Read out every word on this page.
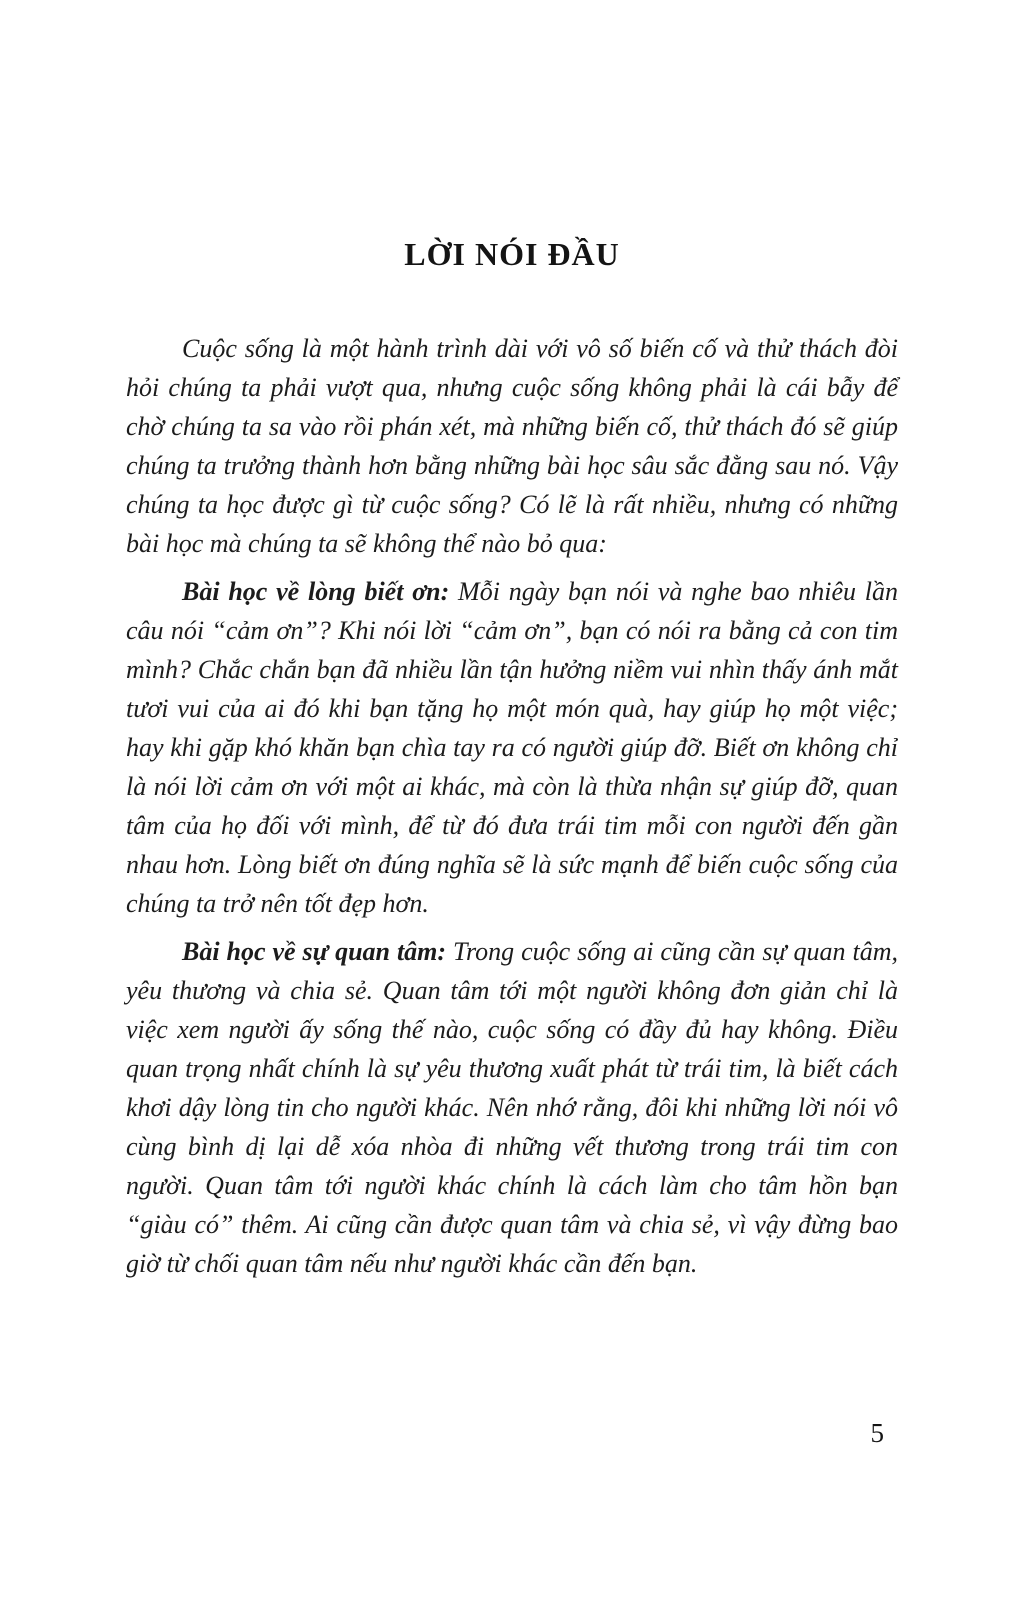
LỜI NÓI ĐẦU

Cuộc sống là một hành trình dài với vô số biến cố và thử thách đòi hỏi chúng ta phải vượt qua, nhưng cuộc sống không phải là cái bẫy để chờ chúng ta sa vào rồi phán xét, mà những biến cố, thử thách đó sẽ giúp chúng ta trưởng thành hơn bằng những bài học sâu sắc đằng sau nó. Vậy chúng ta học được gì từ cuộc sống? Có lẽ là rất nhiều, nhưng có những bài học mà chúng ta sẽ không thể nào bỏ qua:

Bài học về lòng biết ơn: Mỗi ngày bạn nói và nghe bao nhiêu lần câu nói “cảm ơn”? Khi nói lời “cảm ơn”, bạn có nói ra bằng cả con tim mình? Chắc chắn bạn đã nhiều lần tận hưởng niềm vui nhìn thấy ánh mắt tươi vui của ai đó khi bạn tặng họ một món quà, hay giúp họ một việc; hay khi gặp khó khăn bạn chìa tay ra có người giúp đỡ. Biết ơn không chỉ là nói lời cảm ơn với một ai khác, mà còn là thừa nhận sự giúp đỡ, quan tâm của họ đối với mình, để từ đó đưa trái tim mỗi con người đến gần nhau hơn. Lòng biết ơn đúng nghĩa sẽ là sức mạnh để biến cuộc sống của chúng ta trở nên tốt đẹp hơn.

Bài học về sự quan tâm: Trong cuộc sống ai cũng cần sự quan tâm, yêu thương và chia sẻ. Quan tâm tới một người không đơn giản chỉ là việc xem người ấy sống thế nào, cuộc sống có đầy đủ hay không. Điều quan trọng nhất chính là sự yêu thương xuất phát từ trái tim, là biết cách khơi dậy lòng tin cho người khác. Nên nhớ rằng, đôi khi những lời nói vô cùng bình dị lại dễ xóa nhòa đi những vết thương trong trái tim con người. Quan tâm tới người khác chính là cách làm cho tâm hồn bạn “giàu có” thêm. Ai cũng cần được quan tâm và chia sẻ, vì vậy đừng bao giờ từ chối quan tâm nếu như người khác cần đến bạn.

5
